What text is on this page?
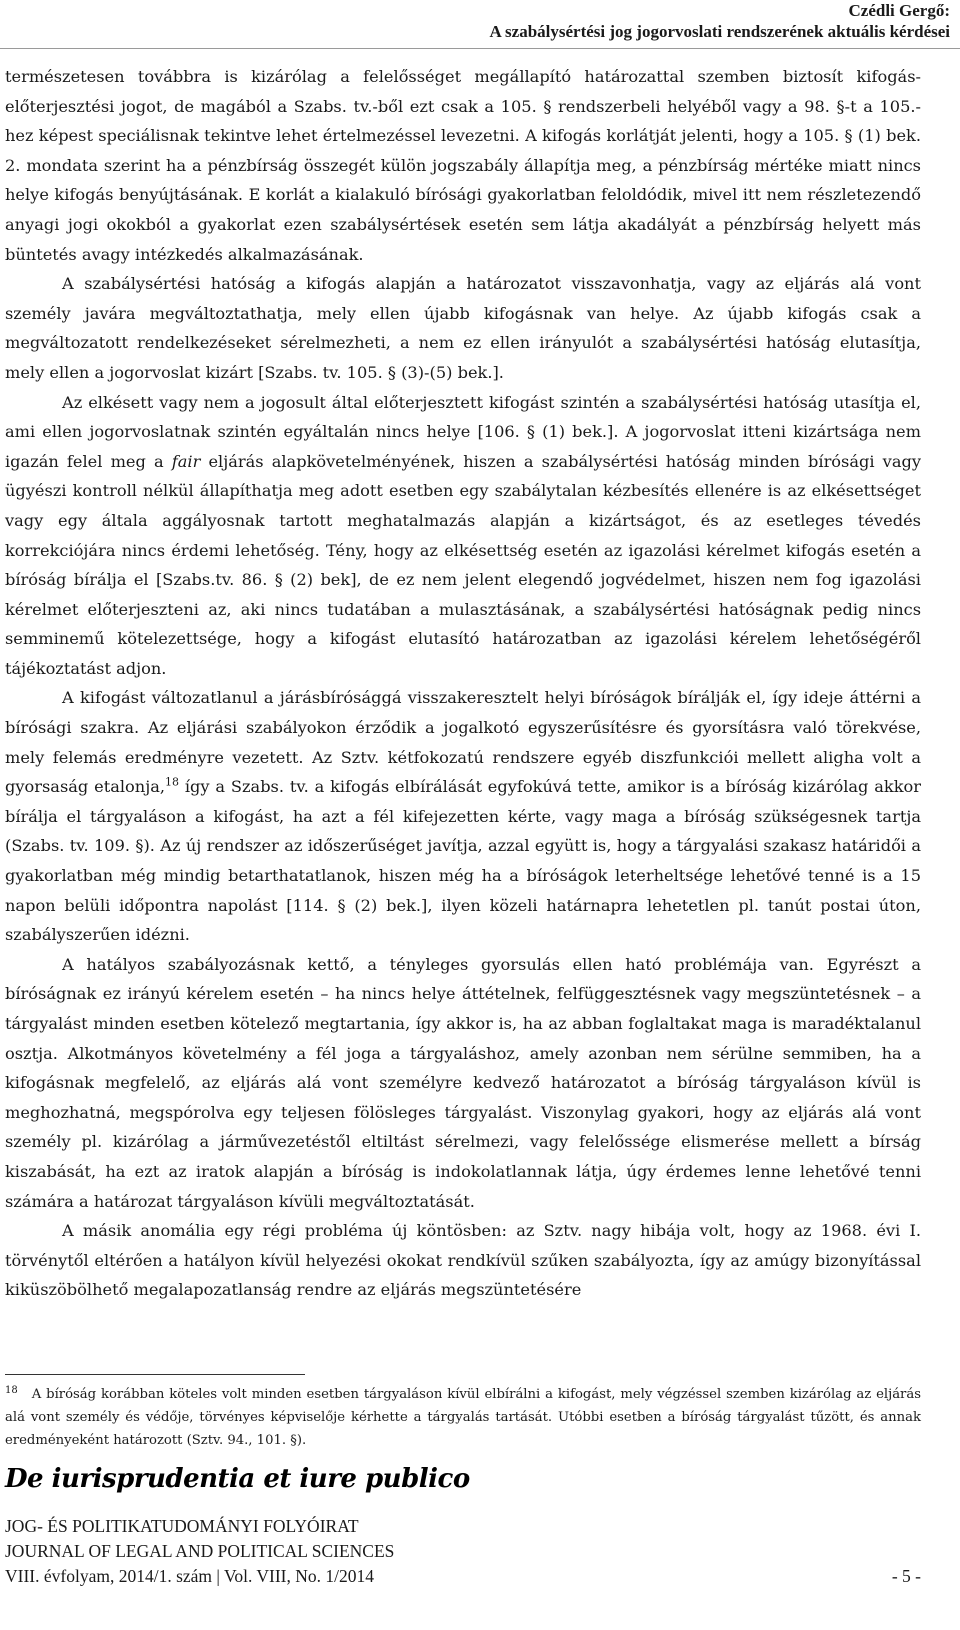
Czédli Gergő:
A szabálysértési jog jogorvoslati rendszerének aktuális kérdései

természetesen továbbra is kizárólag a felelősséget megállapító határozattal szemben biztosít kifogás-előterjesztési jogot, de magából a Szabs. tv.-ből ezt csak a 105. § rendszerbeli helyéből vagy a 98. §-t a 105.-hez képest speciálisnak tekintve lehet értelmezéssel levezetni. A kifogás korlátját jelenti, hogy a 105. § (1) bek. 2. mondata szerint ha a pénzbírság összegét külön jogszabály állapítja meg, a pénzbírság mértéke miatt nincs helye kifogás benyújtásának. E korlát a kialakuló bírósági gyakorlatban feloldódik, mivel itt nem részletezendő anyagi jogi okokból a gyakorlat ezen szabálysértések esetén sem látja akadályát a pénzbírság helyett más büntetés avagy intézkedés alkalmazásának.

A szabálysértési hatóság a kifogás alapján a határozatot visszavonhatja, vagy az eljárás alá vont személy javára megváltoztathatja, mely ellen újabb kifogásnak van helye. Az újabb kifogás csak a megváltozatott rendelkezéseket sérelmezheti, a nem ez ellen irányulót a szabálysértési hatóság elutasítja, mely ellen a jogorvoslat kizárt [Szabs. tv. 105. § (3)-(5) bek.].

Az elkésett vagy nem a jogosult által előterjesztett kifogást szintén a szabálysértési hatóság utasítja el, ami ellen jogorvoslatnak szintén egyáltalán nincs helye [106. § (1) bek.]. A jogorvoslat itteni kizártsága nem igazán felel meg a fair eljárás alapkövetelményének, hiszen a szabálysértési hatóság minden bírósági vagy ügyészi kontroll nélkül állapíthatja meg adott esetben egy szabálytalan kézbesítés ellenére is az elkésettséget vagy egy általa aggályosnak tartott meghatalmazás alapján a kizártságot, és az esetleges tévedés korrekciójára nincs érdemi lehetőség. Tény, hogy az elkésettség esetén az igazolási kérelmet kifogás esetén a bíróság bírálja el [Szabs.tv. 86. § (2) bek], de ez nem jelent elegendő jogvédelmet, hiszen nem fog igazolási kérelmet előterjeszteni az, aki nincs tudatában a mulasztásának, a szabálysértési hatóságnak pedig nincs semminemű kötelezettsége, hogy a kifogást elutasító határozatban az igazolási kérelem lehetőségéről tájékoztatást adjon.

A kifogást változatlanul a járásbírósággá visszakeresztelt helyi bíróságok bírálják el, így ideje áttérni a bírósági szakra. Az eljárási szabályokon érződik a jogalkotó egyszerűsítésre és gyorsításra való törekvése, mely felemás eredményre vezetett. Az Sztv. kétfokozatú rendszere egyéb diszfunkciói mellett aligha volt a gyorsaság etalonja,$^{18}$ így a Szabs. tv. a kifogás elbírálását egyfokúvá tette, amikor is a bíróság kizárólag akkor bírálja el tárgyaláson a kifogást, ha azt a fél kifejezetten kérte, vagy maga a bíróság szükségesnek tartja (Szabs. tv. 109. §). Az új rendszer az időszerűséget javítja, azzal együtt is, hogy a tárgyalási szakasz határidői a gyakorlatban még mindig betarthatatlanok, hiszen még ha a bíróságok leterheltsége lehetővé tenné is a 15 napon belüli időpontra napolást [114. § (2) bek.], ilyen közeli határnapra lehetetlen pl. tanút postai úton, szabályszerűen idézni.

A hatályos szabályozásnak kettő, a tényleges gyorsulás ellen ható problémája van. Egyrészt a bíróságnak ez irányú kérelem esetén – ha nincs helye áttételnek, felfüggesztésnek vagy megszüntetésnek – a tárgyalást minden esetben kötelező megtartania, így akkor is, ha az abban foglaltakat maga is maradéktalanul osztja. Alkotmányos követelmény a fél joga a tárgyaláshoz, amely azonban nem sérülne semmiben, ha a kifogásnak megfelelő, az eljárás alá vont személyre kedvező határozatot a bíróság tárgyaláson kívül is meghozhatná, megspórolva egy teljesen fölösleges tárgyalást. Viszonylag gyakori, hogy az eljárás alá vont személy pl. kizárólag a járművezetéstől eltiltást sérelmezi, vagy felelőssége elismerése mellett a bírság kiszabását, ha ezt az iratok alapján a bíróság is indokolatlannak látja, úgy érdemes lenne lehetővé tenni számára a határozat tárgyaláson kívüli megváltoztatását.

A másik anomália egy régi probléma új köntösben: az Sztv. nagy hibája volt, hogy az 1968. évi I. törvénytől eltérően a hatályon kívül helyezési okokat rendkívül szűken szabályozta, így az amúgy bizonyítással kiküszöbölhető megalapozatlanság rendre az eljárás megszüntetésére

$^{18}$ A bíróság korábban köteles volt minden esetben tárgyaláson kívül elbírálni a kifogást, mely végzéssel szemben kizárólag az eljárás alá vont személy és védője, törvényes képviselője kérhette a tárgyalás tartását. Utóbbi esetben a bíróság tárgyalást tűzött, és annak eredményeként határozott (Sztv. 94., 101. §).
De iurisprudentia et iure publico
JOG- ÉS POLITIKATUDOMÁNYI FOLYÓIRAT
JOURNAL OF LEGAL AND POLITICAL SCIENCES
VIII. évfolyam, 2014/1. szám | Vol. VIII, No. 1/2014	- 5 -
